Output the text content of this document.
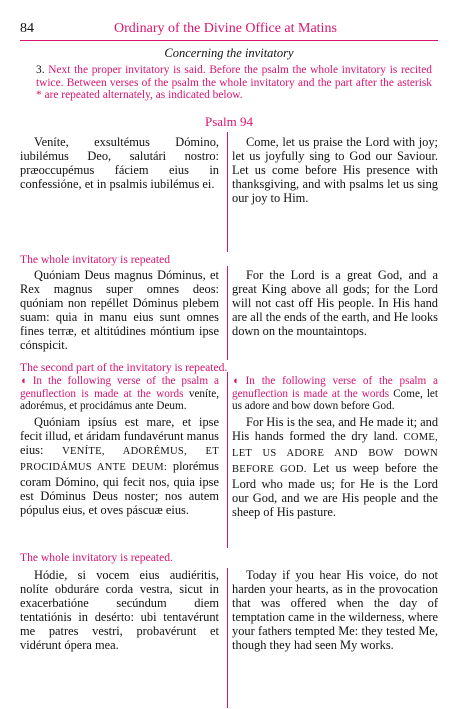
84	Ordinary of the Divine Office at Matins
Concerning the invitatory
3. Next the proper invitatory is said. Before the psalm the whole invitatory is recited twice. Between verses of the psalm the whole invitatory and the part after the asterisk * are repeated alternately, as indicated below.
Psalm 94

Veníte, exsultémus Dómino, iubilémus Deo, salutári nostro: præoccupémus fáciem eius in confessióne, et in psalmis iubilémus ei.

Come, let us praise the Lord with joy; let us joyfully sing to God our Saviour. Let us come before His presence with thanksgiving, and with psalms let us sing our joy to Him.

The whole invitatory is repeated

Quóniam Deus magnus Dóminus, et Rex magnus super omnes deos: quóniam non repéllet Dóminus plebem suam: quia in manu eius sunt omnes fines terræ, et altitúdines móntium ipse cónspicit.

For the Lord is a great God, and a great King above all gods; for the Lord will not cast off His people. In His hand are all the ends of the earth, and He looks down on the mountaintops.

The second part of the invitatory is repeated.

◖ In the following verse of the psalm a genuflection is made at the words veníte, adorémus, et procidámus ante Deum.

Quóniam ipsíus est mare, et ipse fecit illud, et áridam fundavérunt manus eius: VENÍTE, ADORÉMUS, ET PROCIDÁMUS ANTE DEUM: plorémus coram Dómino, qui fecit nos, quia ipse est Dóminus Deus noster; nos autem pópulus eius, et oves páscuæ eius.

◖ In the following verse of the psalm a genuflection is made at the words Come, let us adore and bow down before God.

For His is the sea, and He made it; and His hands formed the dry land. COME, LET US ADORE AND BOW DOWN BEFORE GOD. Let us weep before the Lord who made us; for He is the Lord our God, and we are His people and the sheep of His pasture.

The whole invitatory is repeated.

Hódie, si vocem eius audiéritis, nolíte obduráre corda vestra, sicut in exacerbatióne secúndum diem tentatiónis in desérto: ubi tentavérunt me patres vestri, probavérunt et vidérunt ópera mea.

Today if you hear His voice, do not harden your hearts, as in the provocation that was offered when the day of temptation came in the wilderness, where your fathers tempted Me: they tested Me, though they had seen My works.
